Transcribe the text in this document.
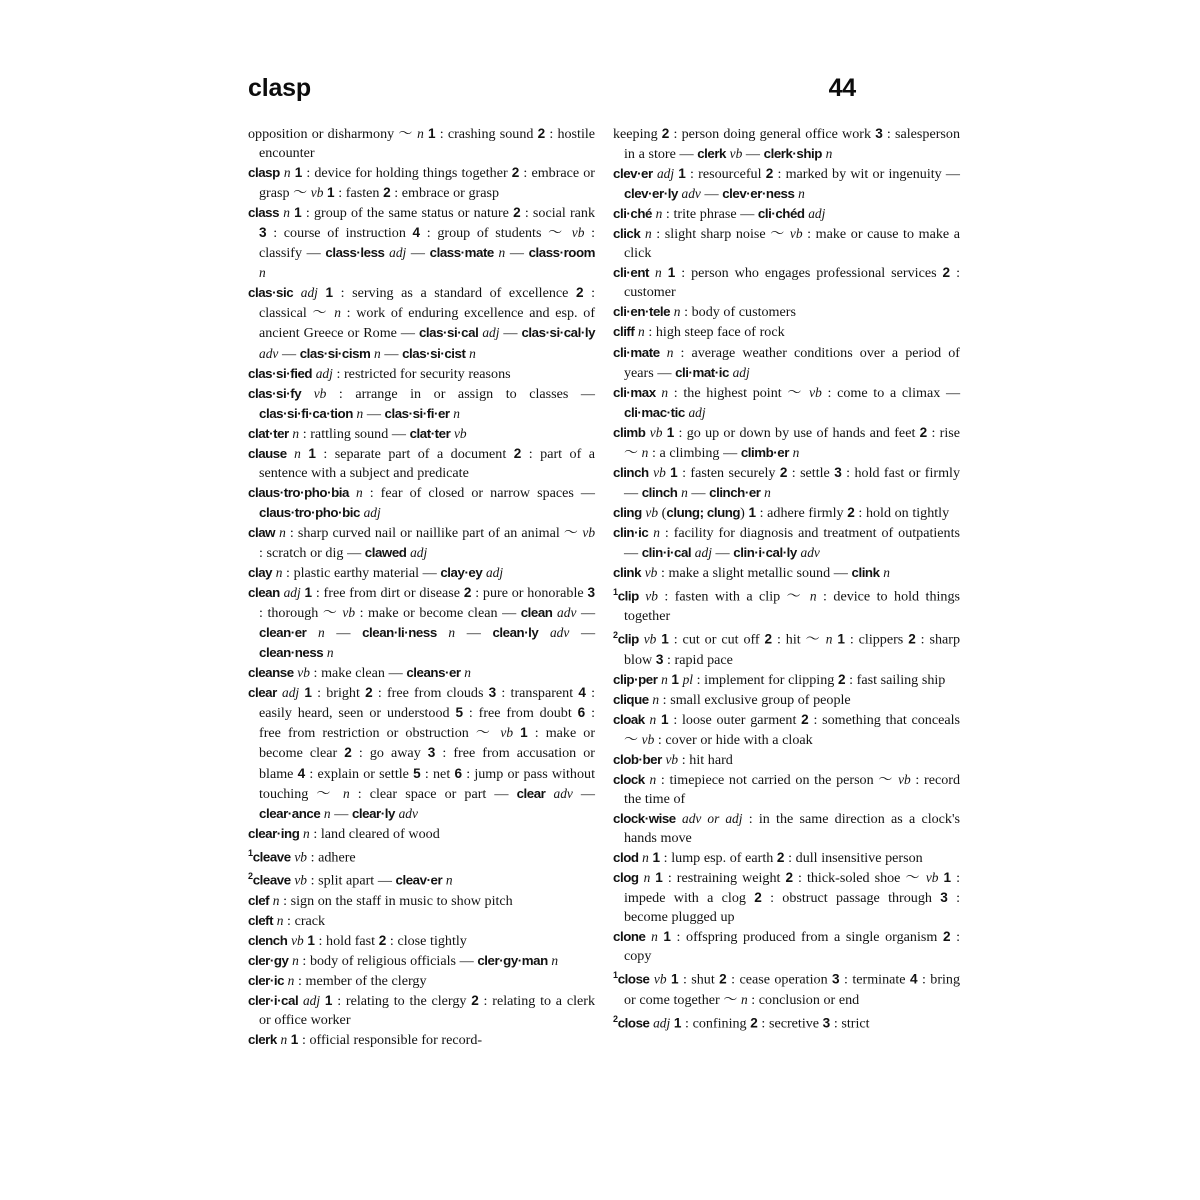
clasp	44

opposition or disharmony 〜 n 1 : crashing sound 2 : hostile encounter

clasp n 1 : device for holding things together 2 : embrace or grasp 〜 vb 1 : fasten 2 : embrace or grasp

class n 1 : group of the same status or nature 2 : social rank 3 : course of instruction 4 : group of students 〜 vb : classify — class·less adj — class·mate n — class·room n

clas·sic adj 1 : serving as a standard of excellence 2 : classical 〜 n : work of enduring excellence and esp. of ancient Greece or Rome — clas·si·cal adj — clas·si·cal·ly adv — clas·si·cism n — clas·si·cist n

clas·si·fied adj : restricted for security reasons

clas·si·fy vb : arrange in or assign to classes — clas·si·fi·ca·tion n — clas·si·fi·er n

clat·ter n : rattling sound — clat·ter vb

clause n 1 : separate part of a document 2 : part of a sentence with a subject and predicate

claus·tro·pho·bia n : fear of closed or narrow spaces — claus·tro·pho·bic adj

claw n : sharp curved nail or naillike part of an animal 〜 vb : scratch or dig — clawed adj

clay n : plastic earthy material — clay·ey adj

clean adj 1 : free from dirt or disease 2 : pure or honorable 3 : thorough 〜 vb : make or become clean — clean adv — clean·er n — clean·li·ness n — clean·ly adv — clean·ness n

cleanse vb : make clean — cleans·er n

clear adj 1 : bright 2 : free from clouds 3 : transparent 4 : easily heard, seen or understood 5 : free from doubt 6 : free from restriction or obstruction 〜 vb 1 : make or become clear 2 : go away 3 : free from accusation or blame 4 : explain or settle 5 : net 6 : jump or pass without touching 〜 n : clear space or part — clear adv — clear·ance n — clear·ly adv

clear·ing n : land cleared of wood

$^1$cleave vb : adhere

$^2$cleave vb : split apart — cleav·er n

clef n : sign on the staff in music to show pitch

cleft n : crack

clench vb 1 : hold fast 2 : close tightly

cler·gy n : body of religious officials — cler·gy·man n

cler·ic n : member of the clergy

cler·i·cal adj 1 : relating to the clergy 2 : relating to a clerk or office worker

clerk n 1 : official responsible for record-

keeping 2 : person doing general office work 3 : salesperson in a store — clerk vb — clerk·ship n

clev·er adj 1 : resourceful 2 : marked by wit or ingenuity — clev·er·ly adv — clev·er·ness n

cli·ché n : trite phrase — cli·chéd adj

click n : slight sharp noise 〜 vb : make or cause to make a click

cli·ent n 1 : person who engages professional services 2 : customer

cli·en·tele n : body of customers

cliff n : high steep face of rock

cli·mate n : average weather conditions over a period of years — cli·mat·ic adj

cli·max n : the highest point 〜 vb : come to a climax — cli·mac·tic adj

climb vb 1 : go up or down by use of hands and feet 2 : rise 〜 n : a climbing — climb·er n

clinch vb 1 : fasten securely 2 : settle 3 : hold fast or firmly — clinch n — clinch·er n

cling vb (clung; clung) 1 : adhere firmly 2 : hold on tightly

clin·ic n : facility for diagnosis and treatment of outpatients — clin·i·cal adj — clin·i·cal·ly adv

clink vb : make a slight metallic sound — clink n

$^1$clip vb : fasten with a clip 〜 n : device to hold things together

$^2$clip vb 1 : cut or cut off 2 : hit 〜 n 1 : clippers 2 : sharp blow 3 : rapid pace

clip·per n 1 pl : implement for clipping 2 : fast sailing ship

clique n : small exclusive group of people

cloak n 1 : loose outer garment 2 : something that conceals 〜 vb : cover or hide with a cloak

clob·ber vb : hit hard

clock n : timepiece not carried on the person 〜 vb : record the time of

clock·wise adv or adj : in the same direction as a clock's hands move

clod n 1 : lump esp. of earth 2 : dull insensitive person

clog n 1 : restraining weight 2 : thick-soled shoe 〜 vb 1 : impede with a clog 2 : obstruct passage through 3 : become plugged up

clone n 1 : offspring produced from a single organism 2 : copy

$^1$close vb 1 : shut 2 : cease operation 3 : terminate 4 : bring or come together 〜 n : conclusion or end

$^2$close adj 1 : confining 2 : secretive 3 : strict
